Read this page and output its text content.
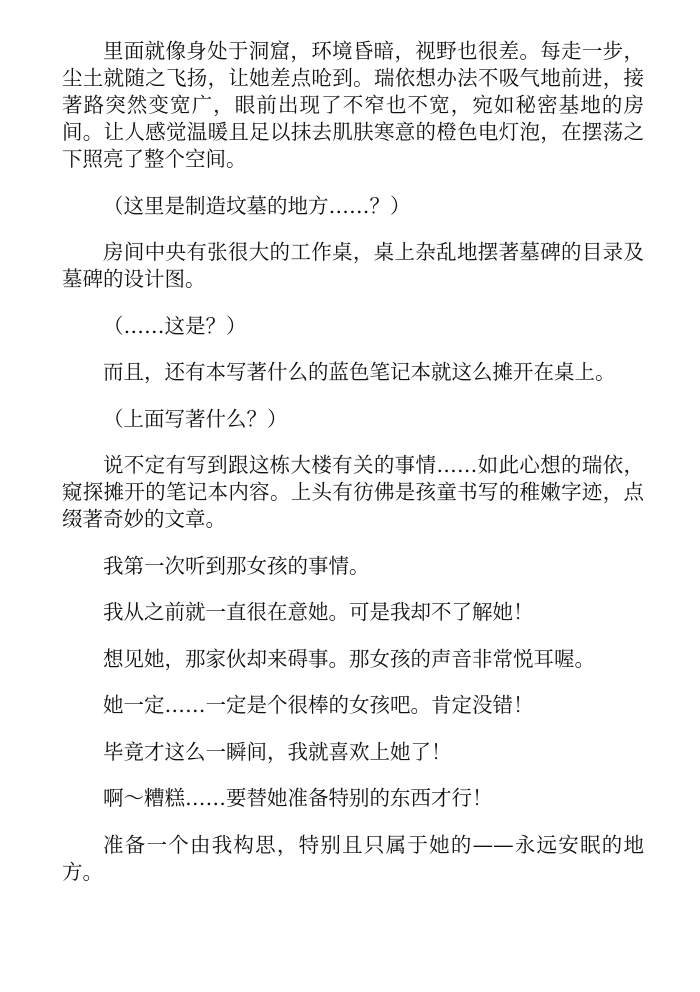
里面就像身处于洞窟，环境昏暗，视野也很差。每走一步，尘土就随之飞扬，让她差点呛到。瑞依想办法不吸气地前进，接著路突然变宽广，眼前出现了不窄也不宽，宛如秘密基地的房间。让人感觉温暖且足以抹去肌肤寒意的橙色电灯泡，在摆荡之下照亮了整个空间。

（这里是制造坟墓的地方……？）

房间中央有张很大的工作桌，桌上杂乱地摆著墓碑的目录及墓碑的设计图。

（……这是？）

而且，还有本写著什么的蓝色笔记本就这么摊开在桌上。

（上面写著什么？）

说不定有写到跟这栋大楼有关的事情……如此心想的瑞依，窥探摊开的笔记本内容。上头有彷佛是孩童书写的稚嫩字迹，点缀著奇妙的文章。

我第一次听到那女孩的事情。

我从之前就一直很在意她。可是我却不了解她！

想见她，那家伙却来碍事。那女孩的声音非常悦耳喔。

她一定……一定是个很棒的女孩吧。肯定没错！

毕竟才这么一瞬间，我就喜欢上她了！

啊～糟糕……要替她准备特别的东西才行！

准备一个由我构思，特别且只属于她的——永远安眠的地方。
